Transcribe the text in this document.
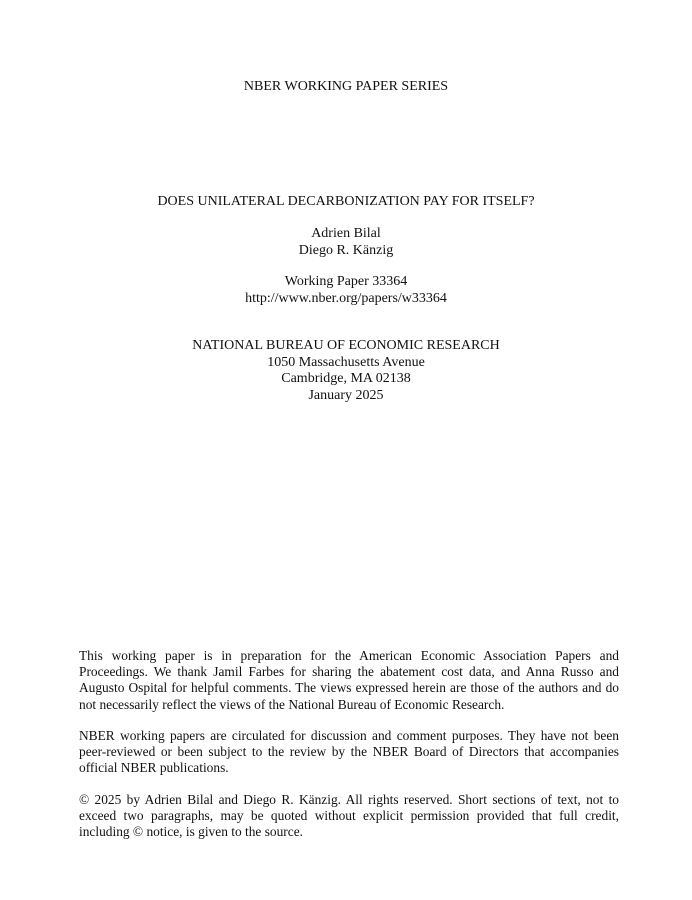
NBER WORKING PAPER SERIES
DOES UNILATERAL DECARBONIZATION PAY FOR ITSELF?
Adrien Bilal
Diego R. Känzig
Working Paper 33364
http://www.nber.org/papers/w33364
NATIONAL BUREAU OF ECONOMIC RESEARCH
1050 Massachusetts Avenue
Cambridge, MA 02138
January 2025

This working paper is in preparation for the American Economic Association Papers and Proceedings. We thank Jamil Farbes for sharing the abatement cost data, and Anna Russo and Augusto Ospital for helpful comments. The views expressed herein are those of the authors and do not necessarily reflect the views of the National Bureau of Economic Research.

NBER working papers are circulated for discussion and comment purposes. They have not been peer-reviewed or been subject to the review by the NBER Board of Directors that accompanies official NBER publications.

© 2025 by Adrien Bilal and Diego R. Känzig. All rights reserved. Short sections of text, not to exceed two paragraphs, may be quoted without explicit permission provided that full credit, including © notice, is given to the source.
